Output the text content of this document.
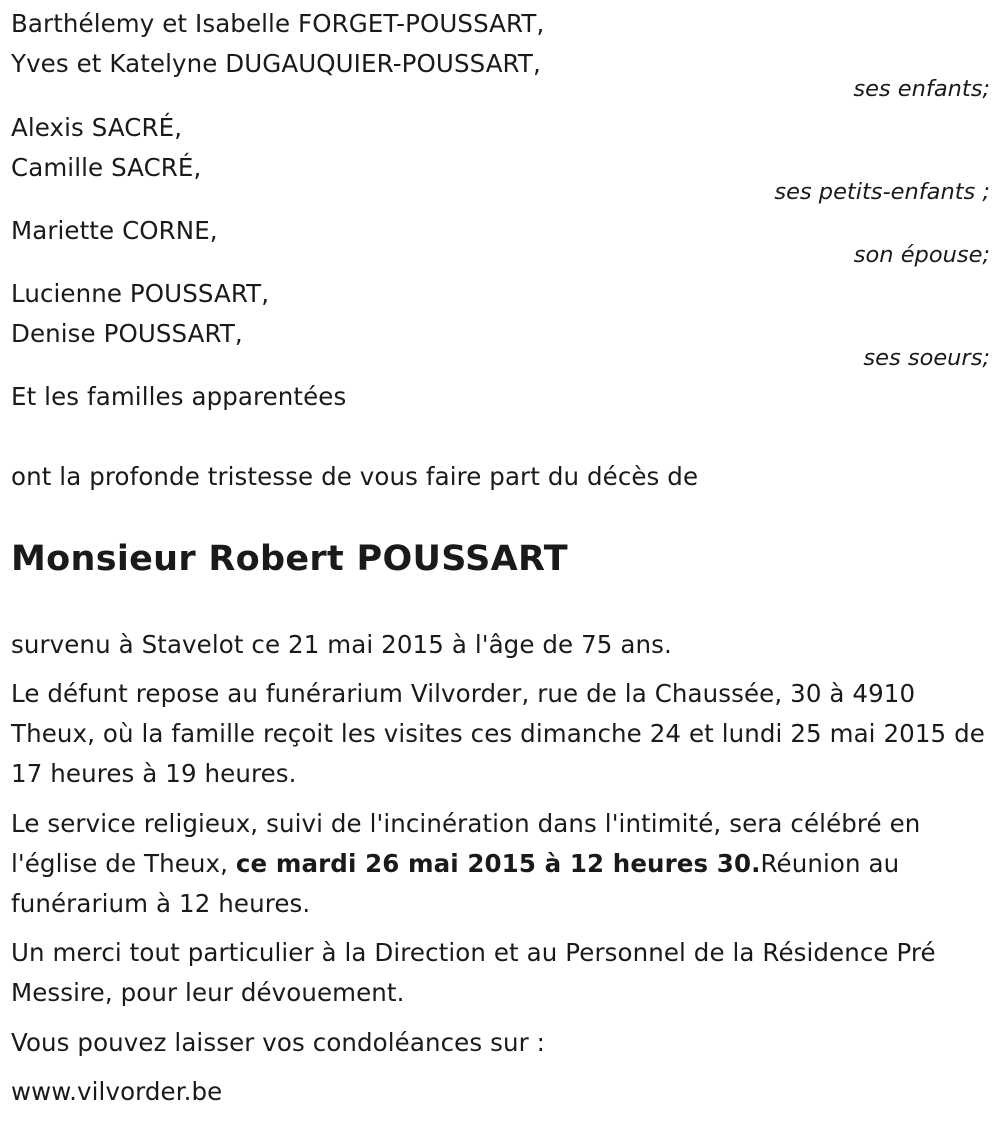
Barthélemy et Isabelle FORGET-POUSSART,
Yves et Katelyne DUGAUQUIER-POUSSART,
ses enfants;
Alexis SACRÉ,
Camille SACRÉ,
ses petits-enfants ;
Mariette CORNE,
son épouse;
Lucienne POUSSART,
Denise POUSSART,
ses soeurs;
Et les familles apparentées
ont la profonde tristesse de vous faire part du décès de
Monsieur Robert POUSSART
survenu à Stavelot ce 21 mai 2015 à l'âge de 75 ans.
Le défunt repose au funérarium Vilvorder, rue de la Chaussée, 30 à 4910 Theux, où la famille reçoit les visites ces dimanche 24 et lundi 25 mai 2015 de 17 heures à 19 heures.
Le service religieux, suivi de l'incinération dans l'intimité, sera célébré en l'église de Theux, ce mardi 26 mai 2015 à 12 heures 30.Réunion au funérarium à 12 heures.
Un merci tout particulier à la Direction et au Personnel de la Résidence Pré Messire, pour leur dévouement.
Vous pouvez laisser vos condoléances sur :
www.vilvorder.be
